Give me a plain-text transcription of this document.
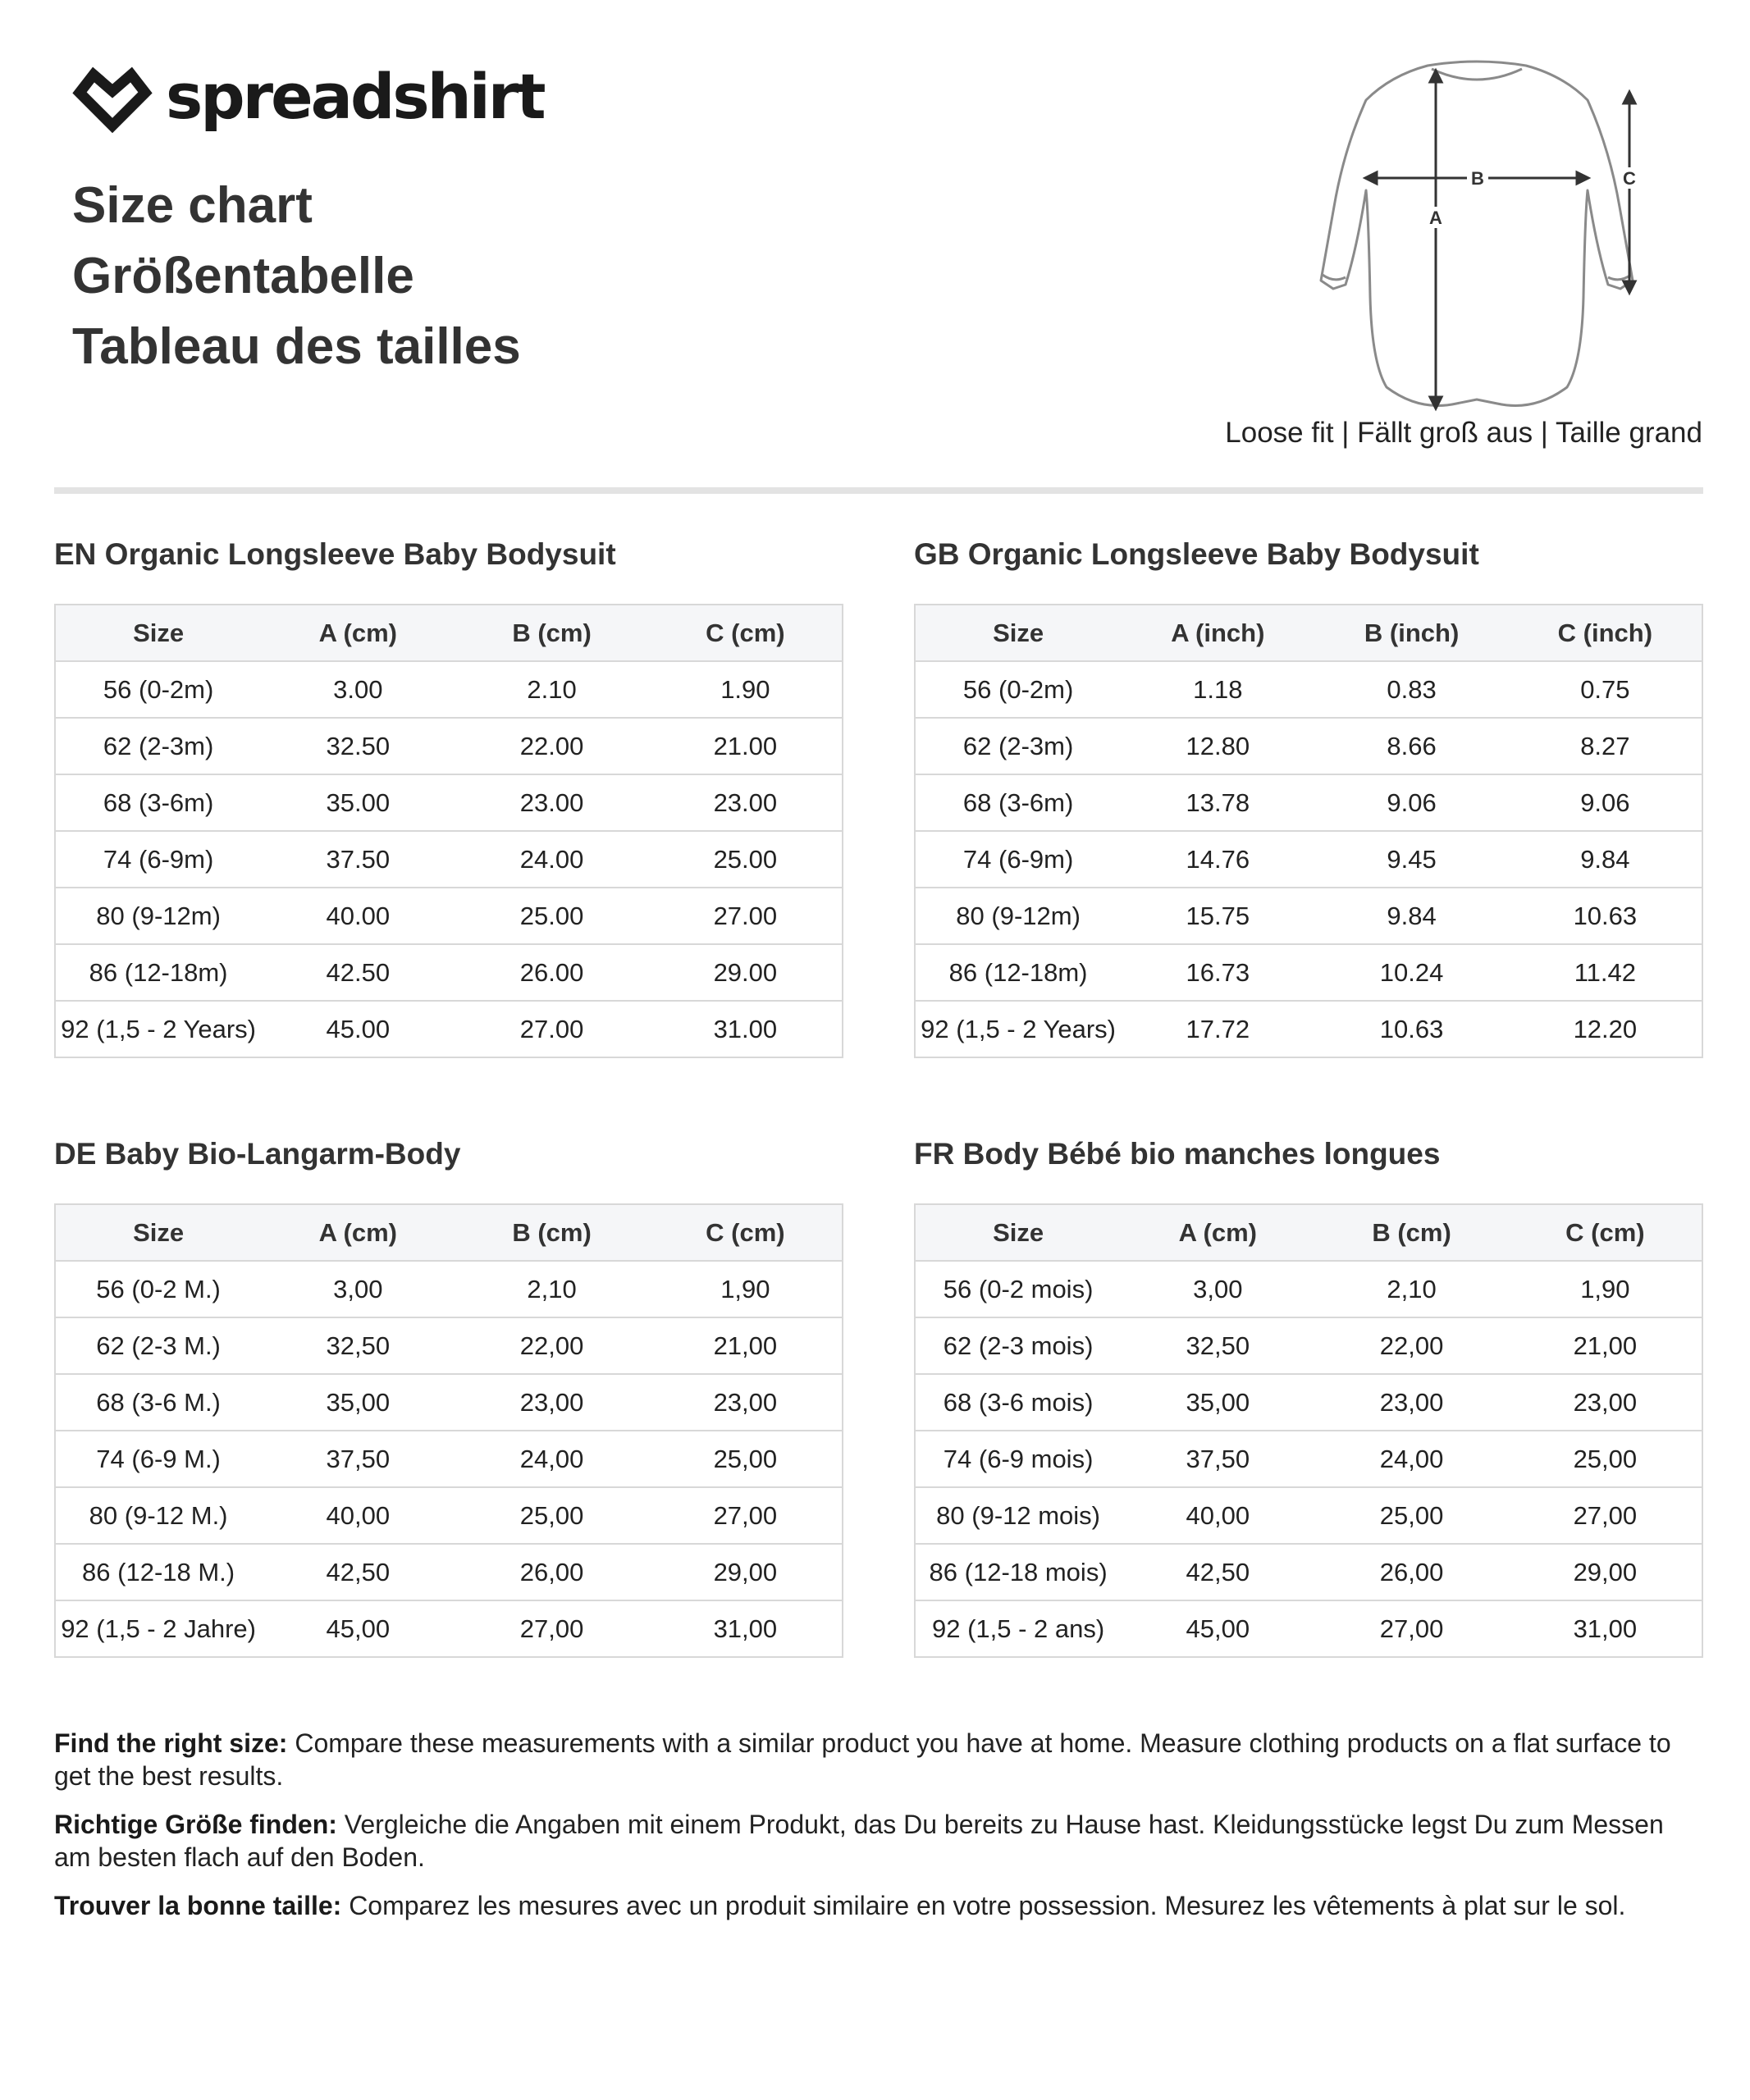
spreadshirt
Size chart
Größentabelle
Tableau des tailles
A
B	C
Loose fit | Fällt groß aus | Taille grand
EN Organic Longsleeve Baby Bodysuit
Size	A (cm)	B (cm)	C (cm)
56 (0-2m)	3.00	2.10	1.90
62 (2-3m)	32.50	22.00	21.00
68 (3-6m)	35.00	23.00	23.00
74 (6-9m)	37.50	24.00	25.00
80 (9-12m)	40.00	25.00	27.00
86 (12-18m)	42.50	26.00	29.00
92 (1,5 - 2 Years)	45.00	27.00	31.00
GB Organic Longsleeve Baby Bodysuit
Size	A (inch)	B (inch)	C (inch)
56 (0-2m)	1.18	0.83	0.75
62 (2-3m)	12.80	8.66	8.27
68 (3-6m)	13.78	9.06	9.06
74 (6-9m)	14.76	9.45	9.84
80 (9-12m)	15.75	9.84	10.63
86 (12-18m)	16.73	10.24	11.42
92 (1,5 - 2 Years)	17.72	10.63	12.20
DE Baby Bio-Langarm-Body
Size	A (cm)	B (cm)	C (cm)
56 (0-2 M.)	3,00	2,10	1,90
62 (2-3 M.)	32,50	22,00	21,00
68 (3-6 M.)	35,00	23,00	23,00
74 (6-9 M.)	37,50	24,00	25,00
80 (9-12 M.)	40,00	25,00	27,00
86 (12-18 M.)	42,50	26,00	29,00
92 (1,5 - 2 Jahre)	45,00	27,00	31,00
FR Body Bébé bio manches longues
Size	A (cm)	B (cm)	C (cm)
56 (0-2 mois)	3,00	2,10	1,90
62 (2-3 mois)	32,50	22,00	21,00
68 (3-6 mois)	35,00	23,00	23,00
74 (6-9 mois)	37,50	24,00	25,00
80 (9-12 mois)	40,00	25,00	27,00
86 (12-18 mois)	42,50	26,00	29,00
92 (1,5 - 2 ans)	45,00	27,00	31,00
Find the right size: Compare these measurements with a similar product you have at home. Measure clothing products on a flat surface to get the best results.
Richtige Größe finden: Vergleiche die Angaben mit einem Produkt, das Du bereits zu Hause hast. Kleidungsstücke legst Du zum Messen am besten flach auf den Boden.
Trouver la bonne taille: Comparez les mesures avec un produit similaire en votre possession. Mesurez les vêtements à plat sur le sol.
